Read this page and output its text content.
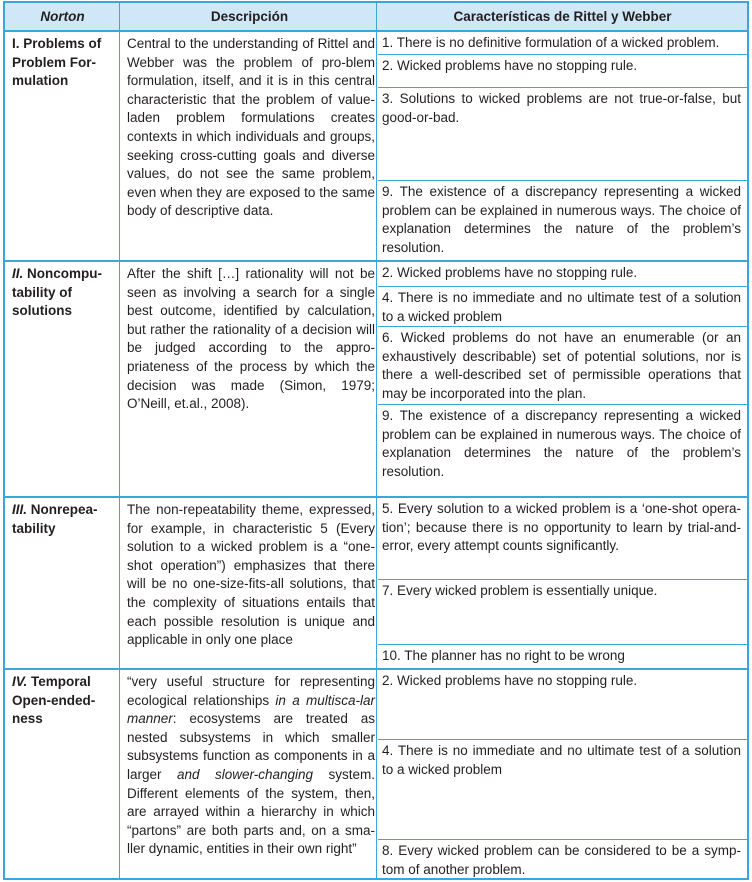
Norton	Descripción	Características de Rittel y Webber
I. Problems of Problem For-mulation
Central to the understanding of Rittel and Webber was the problem of pro-blem formulation, itself, and it is in this central characteristic that the problem of value-laden problem formulations creates contexts in which individuals and groups, seeking cross-cutting goals and diverse values, do not see the same problem, even when they are exposed to the same body of descriptive data.
1. There is no definitive formulation of a wicked problem.
2. Wicked problems have no stopping rule.
3. Solutions to wicked problems are not true-or-false, but good-or-bad.
9. The existence of a discrepancy representing a wicked problem can be explained in numerous ways. The choice of explanation determines the nature of the problem’s resolution.
II. Noncompu-tability of solutions
After the shift […] rationality will not be seen as involving a search for a single best outcome, identified by calculation, but rather the rationality of a decision will be judged according to the appro-priateness of the process by which the decision was made (Simon, 1979; O’Neill, et.al., 2008).
2. Wicked problems have no stopping rule.
4. There is no immediate and no ultimate test of a solution to a wicked problem
6. Wicked problems do not have an enumerable (or an exhaustively describable) set of potential solutions, nor is there a well-described set of permissible operations that may be incorporated into the plan.
9. The existence of a discrepancy representing a wicked problem can be explained in numerous ways. The choice of explanation determines the nature of the problem’s resolution.
III. Nonrepea-tability
The non-repeatability theme, expressed, for example, in characteristic 5 (Every solution to a wicked problem is a “one-shot operation”) emphasizes that there will be no one-size-fits-all solutions, that the complexity of situations entails that each possible resolution is unique and applicable in only one place
5. Every solution to a wicked problem is a ‘one-shot opera-tion’; because there is no opportunity to learn by trial-and-error, every attempt counts significantly.
7. Every wicked problem is essentially unique.
10. The planner has no right to be wrong
IV. Temporal Open-ended-ness
“very useful structure for representing ecological relationships in a multisca-lar manner: ecosystems are treated as nested subsystems in which smaller subsystems function as components in a larger and slower-changing system. Different elements of the system, then, are arrayed within a hierarchy in which “partons” are both parts and, on a sma-ller dynamic, entities in their own right”
2. Wicked problems have no stopping rule.
4. There is no immediate and no ultimate test of a solution to a wicked problem
8. Every wicked problem can be considered to be a symp-tom of another problem.
